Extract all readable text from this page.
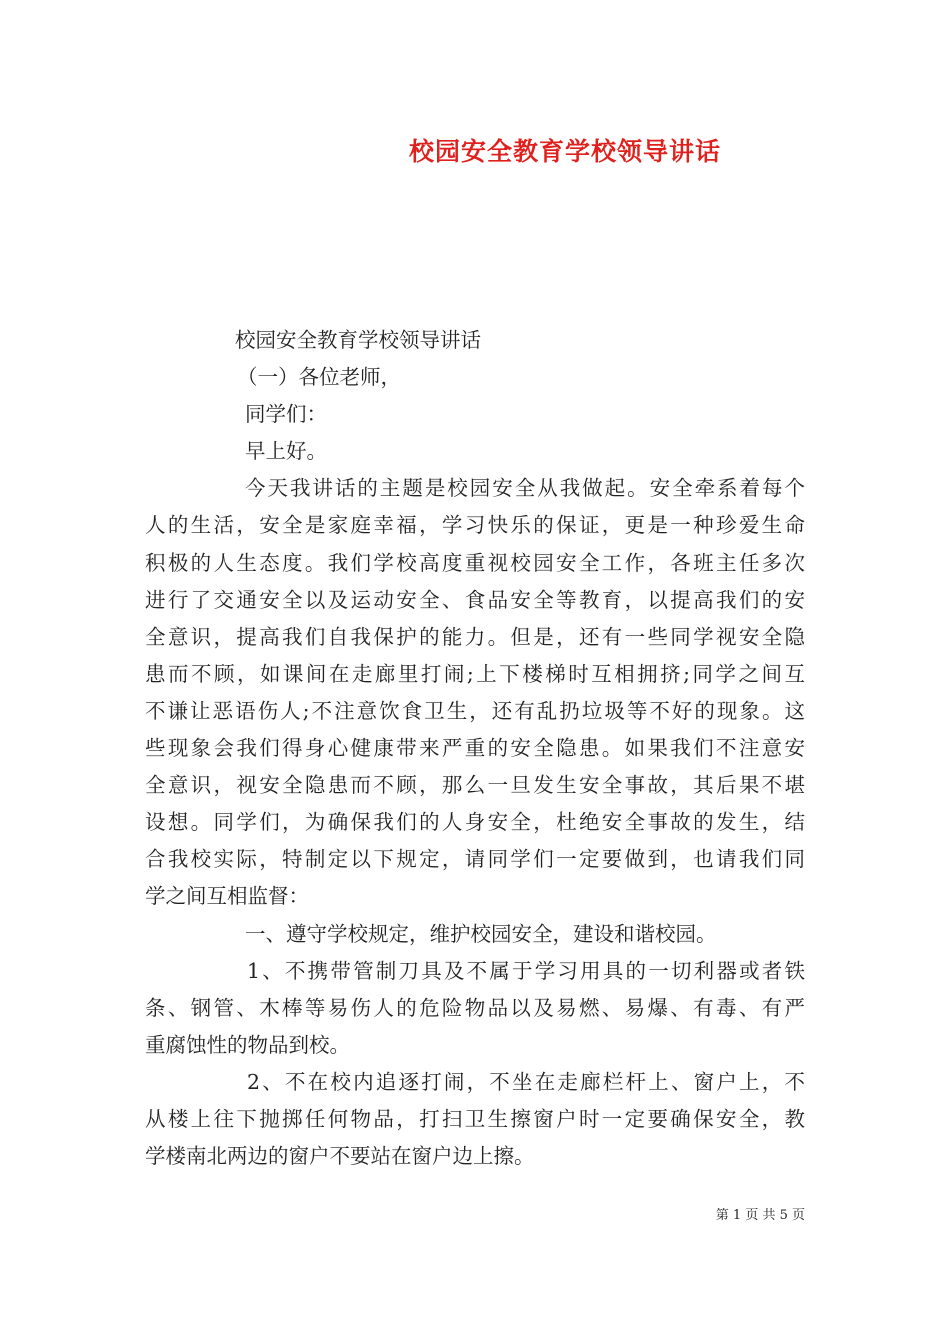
校园安全教育学校领导讲话
校园安全教育学校领导讲话
（一）各位老师，
同学们：
早上好。
今天我讲话的主题是校园安全从我做起。安全牵系着每个
人的生活，安全是家庭幸福，学习快乐的保证，更是一种珍爱生命
积极的人生态度。我们学校高度重视校园安全工作，各班主任多次
进行了交通安全以及运动安全、食品安全等教育，以提高我们的安
全意识，提高我们自我保护的能力。但是，还有一些同学视安全隐
患而不顾，如课间在走廊里打闹;上下楼梯时互相拥挤;同学之间互
不谦让恶语伤人;不注意饮食卫生，还有乱扔垃圾等不好的现象。这
些现象会我们得身心健康带来严重的安全隐患。如果我们不注意安
全意识，视安全隐患而不顾，那么一旦发生安全事故，其后果不堪
设想。同学们，为确保我们的人身安全，杜绝安全事故的发生，结
合我校实际，特制定以下规定，请同学们一定要做到，也请我们同
学之间互相监督：
一、遵守学校规定，维护校园安全，建设和谐校园。
1、不携带管制刀具及不属于学习用具的一切利器或者铁
条、钢管、木棒等易伤人的危险物品以及易燃、易爆、有毒、有严
重腐蚀性的物品到校。
2、不在校内追逐打闹，不坐在走廊栏杆上、窗户上，不
从楼上往下抛掷任何物品，打扫卫生擦窗户时一定要确保安全，教
学楼南北两边的窗户不要站在窗户边上擦。
第 1 页 共 5 页
